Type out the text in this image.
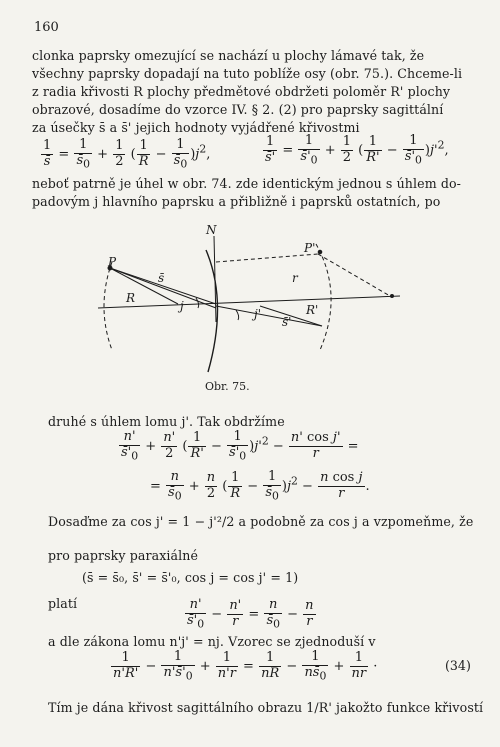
160
clonka paprsky omezující se nachází u plochy lámavé tak, že
všechny paprsky dopadají na tuto poblíže osy (obr. 75.). Chceme-li
z radia křivosti R plochy předmětové obdržeti poloměr R' plochy
obrazové, dosadíme do vzorce IV. § 2. (2) pro paprsky sagittální
za úsečky s̄ a s̄' jejich hodnoty vyjádřené křivostmi
$\frac{1}{s̄} = \frac{1}{s̄_0} + \frac{1}{2}$ ( $\frac{1}{R} - \frac{1}{s̄_0} )j^2$,	$\frac{1}{s̄'} = \frac{1}{s̄'_0} + \frac{1}{2}$ ( $\frac{1}{R'} - \frac{1}{s̄'_0} )j'^2$,
neboť patrně je úhel w obr. 74. zde identickým jednou s úhlem do-
padovým j hlavního paprsku a přibližně i paprsků ostatních, po
N
P
P'
s̄
R
r
j
j'	R'
s̄'
Obr. 75.
druhé s úhlem lomu j'. Tak obdržíme
$\frac{n'}{s̄'_0} + \frac{n'}{2}$ ( $\frac{1}{R'} - \frac{1}{s̄'_0} )j'^2 - \frac{\text{n' cos j'}}{r}$ =
= $\frac{n}{s̄_0} + \frac{n}{2}$ ( $\frac{1}{R} - \frac{1}{s̄_0} )j^2 - \frac{\text{n cos j}}{r}$ .
Dosaďme za cos j' = 1 − j'²/2 a podobně za cos j a vzpomeňme, že
pro paprsky paraxiálné
(s̄ = s̄₀, s̄' = s̄'₀, cos j = cos j' = 1)
platí	$\frac{n'}{s̄'_0} - \frac{n'}{r} = \frac{n}{s̄_0} - \frac{n}{r}$
a dle zákona lomu n'j' = nj. Vzorec se zjednoduší v
$\frac{1}{n'R'} - \frac{1}{n's̄'_0} + \frac{1}{n'r} = \frac{1}{nR} - \frac{1}{ns̄_0} + \frac{1}{nr}$ ·	(34)
Tím je dána křivost sagittálního obrazu 1/R' jakožto funkce křivostí
